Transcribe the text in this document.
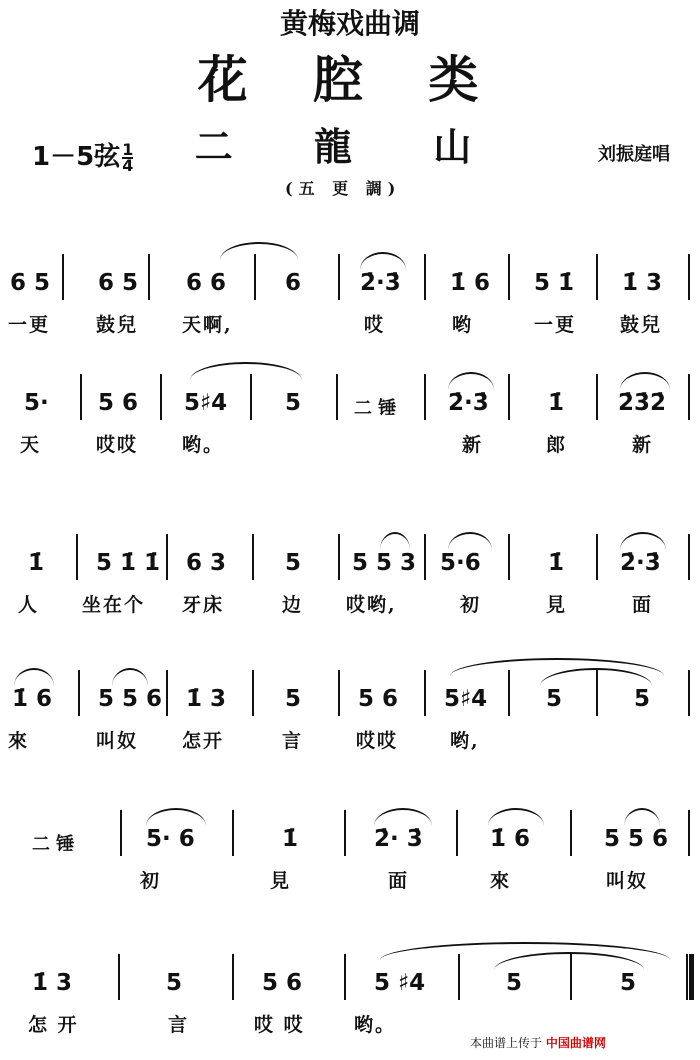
黄梅戏曲调
花 腔 类
二 龍 山
1－5弦 $\frac{1}{4}$	刘振庭唱
(五 更 調)
6 5 6 5 6 6	6	2̇·3̇ 1̇ 6 5 1̇ 1̇ 3
一更 鼓兒 天啊,	哎	哟	一更 鼓兒
5· 5 6 5♯4	5	二 锤 2̇·3̇	1̇ 2̇3̇2̇
天	哎哎 哟。	新	郎	新
1̇ 5 1̇ 1̇ 6 3	5 5 5 3 5·6	1̇ 2̇·3̇
人 坐在个 牙床	边 哎哟,	初	見	面
1̇ 6 5 5 6 1̇ 3	5 5 6 5♯4	5	5
來	叫奴 怎开	言	哎哎	哟,
二 锤	5· 6	1̇	2̇· 3̇	1̇ 6	5 5 6
初	見	面	來	叫奴
1̇ 3	5	5 6	5 ♯4	5	5
怎 开	言	哎 哎	哟。
本曲谱上传于 中国曲谱网
